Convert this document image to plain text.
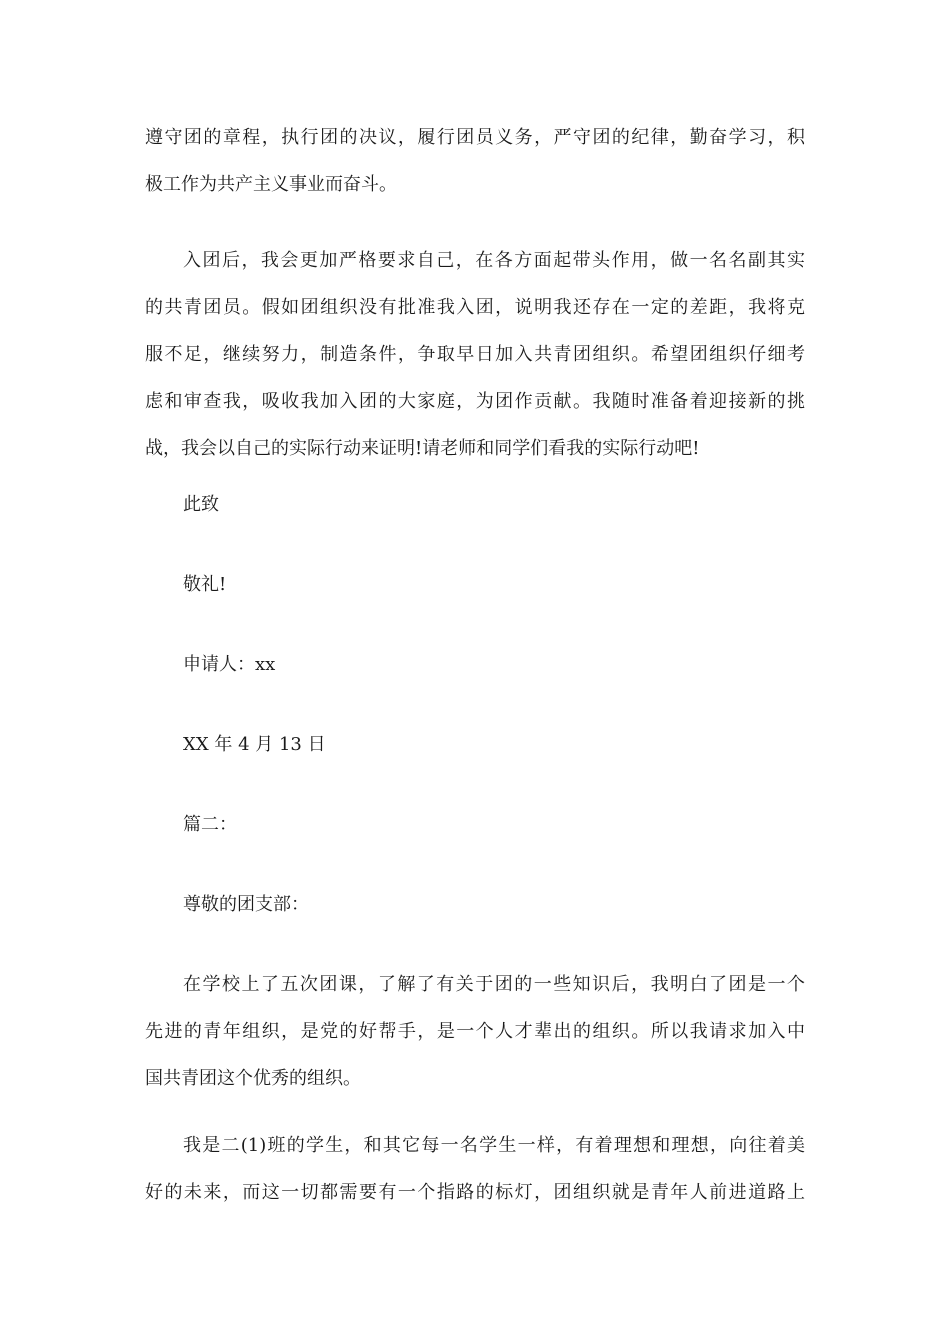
遵守团的章程，执行团的决议，履行团员义务，严守团的纪律，勤奋学习，积
极工作为共产主义事业而奋斗。
入团后，我会更加严格要求自己，在各方面起带头作用，做一名名副其实
的共青团员。假如团组织没有批准我入团，说明我还存在一定的差距，我将克
服不足，继续努力，制造条件，争取早日加入共青团组织。希望团组织仔细考
虑和审查我，吸收我加入团的大家庭，为团作贡献。我随时准备着迎接新的挑
战，我会以自己的实际行动来证明!请老师和同学们看我的实际行动吧!
此致
敬礼!
申请人：xx
XX 年 4 月 13 日
篇二：
尊敬的团支部：
在学校上了五次团课，了解了有关于团的一些知识后，我明白了团是一个
先进的青年组织，是党的好帮手，是一个人才辈出的组织。所以我请求加入中
国共青团这个优秀的组织。
我是二(1)班的学生，和其它每一名学生一样，有着理想和理想，向往着美
好的未来，而这一切都需要有一个指路的标灯，团组织就是青年人前进道路上
